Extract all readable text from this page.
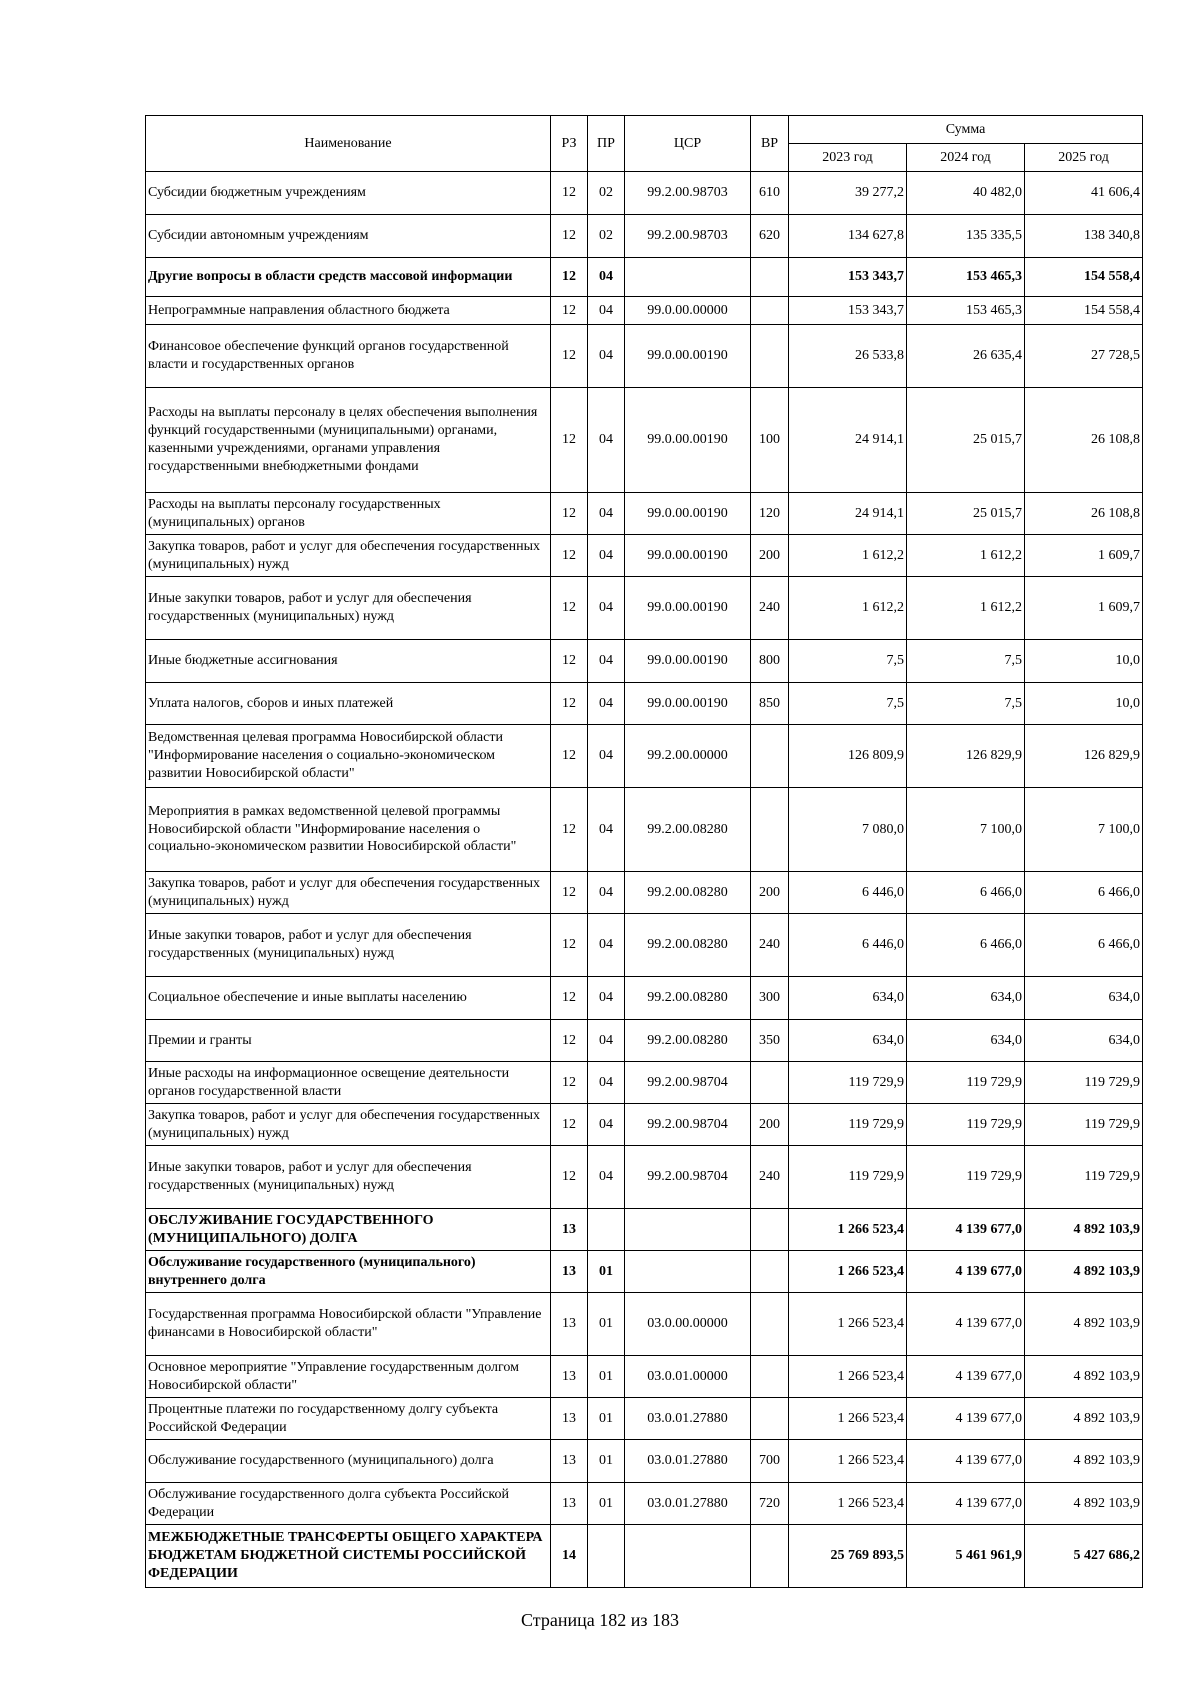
Наименование	РЗ	ПР	ЦСР	ВР	Сумма		
					2023 год	2024 год	2025 год
Субсидии бюджетным учреждениям	12	02	99.2.00.98703	610	39 277,2	40 482,0	41 606,4
Субсидии автономным учреждениям	12	02	99.2.00.98703	620	134 627,8	135 335,5	138 340,8
Другие вопросы в области средств массовой информации	12	04			153 343,7	153 465,3	154 558,4
Непрограммные направления областного бюджета	12	04	99.0.00.00000		153 343,7	153 465,3	154 558,4
Финансовое обеспечение функций органов государственной власти и государственных органов	12	04	99.0.00.00190		26 533,8	26 635,4	27 728,5
Расходы на выплаты персоналу в целях обеспечения выполнения функций государственными (муниципальными) органами, казенными учреждениями, органами управления государственными внебюджетными фондами	12	04	99.0.00.00190	100	24 914,1	25 015,7	26 108,8
Расходы на выплаты персоналу государственных (муниципальных) органов	12	04	99.0.00.00190	120	24 914,1	25 015,7	26 108,8
Закупка товаров, работ и услуг для обеспечения государственных (муниципальных) нужд	12	04	99.0.00.00190	200	1 612,2	1 612,2	1 609,7
Иные закупки товаров, работ и услуг для обеспечения государственных (муниципальных) нужд	12	04	99.0.00.00190	240	1 612,2	1 612,2	1 609,7
Иные бюджетные ассигнования	12	04	99.0.00.00190	800	7,5	7,5	10,0
Уплата налогов, сборов и иных платежей	12	04	99.0.00.00190	850	7,5	7,5	10,0
Ведомственная целевая программа Новосибирской области "Информирование населения о социально-экономическом развитии Новосибирской области"	12	04	99.2.00.00000		126 809,9	126 829,9	126 829,9
Мероприятия в рамках ведомственной целевой программы Новосибирской области "Информирование населения о социально-экономическом развитии Новосибирской области"	12	04	99.2.00.08280		7 080,0	7 100,0	7 100,0
Закупка товаров, работ и услуг для обеспечения государственных (муниципальных) нужд	12	04	99.2.00.08280	200	6 446,0	6 466,0	6 466,0
Иные закупки товаров, работ и услуг для обеспечения государственных (муниципальных) нужд	12	04	99.2.00.08280	240	6 446,0	6 466,0	6 466,0
Социальное обеспечение и иные выплаты населению	12	04	99.2.00.08280	300	634,0	634,0	634,0
Премии и гранты	12	04	99.2.00.08280	350	634,0	634,0	634,0
Иные расходы на информационное освещение деятельности органов государственной власти	12	04	99.2.00.98704		119 729,9	119 729,9	119 729,9
Закупка товаров, работ и услуг для обеспечения государственных (муниципальных) нужд	12	04	99.2.00.98704	200	119 729,9	119 729,9	119 729,9
Иные закупки товаров, работ и услуг для обеспечения государственных (муниципальных) нужд	12	04	99.2.00.98704	240	119 729,9	119 729,9	119 729,9
ОБСЛУЖИВАНИЕ ГОСУДАРСТВЕННОГО (МУНИЦИПАЛЬНОГО) ДОЛГА	13				1 266 523,4	4 139 677,0	4 892 103,9
Обслуживание государственного (муниципального) внутреннего долга	13	01			1 266 523,4	4 139 677,0	4 892 103,9
Государственная программа Новосибирской области "Управление финансами в Новосибирской области"	13	01	03.0.00.00000		1 266 523,4	4 139 677,0	4 892 103,9
Основное мероприятие "Управление государственным долгом Новосибирской области"	13	01	03.0.01.00000		1 266 523,4	4 139 677,0	4 892 103,9
Процентные платежи по государственному долгу субъекта Российской Федерации	13	01	03.0.01.27880		1 266 523,4	4 139 677,0	4 892 103,9
Обслуживание государственного (муниципального) долга	13	01	03.0.01.27880	700	1 266 523,4	4 139 677,0	4 892 103,9
Обслуживание государственного долга субъекта Российской Федерации	13	01	03.0.01.27880	720	1 266 523,4	4 139 677,0	4 892 103,9
МЕЖБЮДЖЕТНЫЕ ТРАНСФЕРТЫ ОБЩЕГО ХАРАКТЕРА БЮДЖЕТАМ БЮДЖЕТНОЙ СИСТЕМЫ РОССИЙСКОЙ ФЕДЕРАЦИИ	14				25 769 893,5	5 461 961,9	5 427 686,2
Страница 182 из 183
